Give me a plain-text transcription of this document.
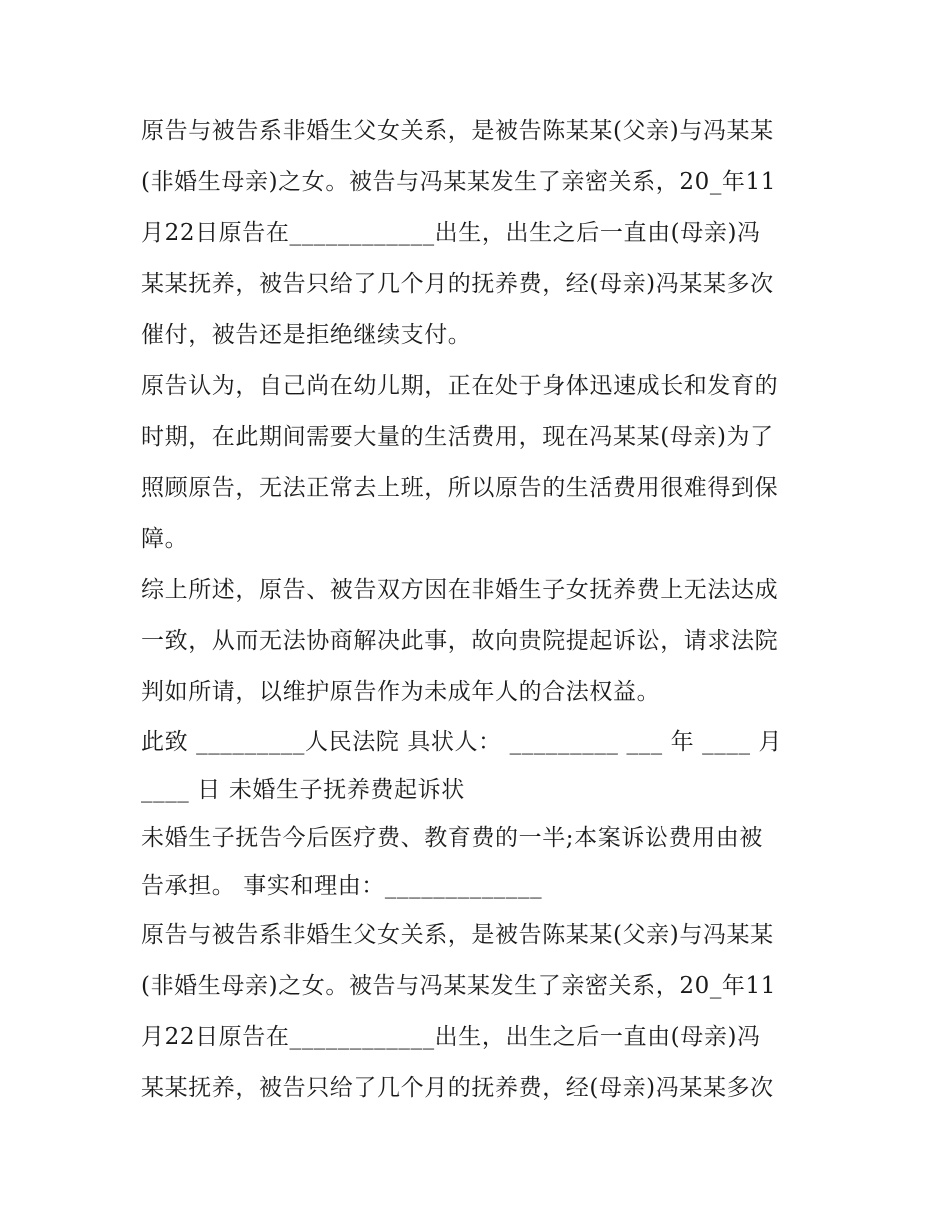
原告与被告系非婚生父女关系，是被告陈某某(父亲)与冯某某
(非婚生母亲)之女。被告与冯某某发生了亲密关系，20_年11
月22日原告在____________出生，出生之后一直由(母亲)冯
某某抚养，被告只给了几个月的抚养费，经(母亲)冯某某多次
催付，被告还是拒绝继续支付。
原告认为，自己尚在幼儿期，正在处于身体迅速成长和发育的
时期，在此期间需要大量的生活费用，现在冯某某(母亲)为了
照顾原告，无法正常去上班，所以原告的生活费用很难得到保
障。
综上所述，原告、被告双方因在非婚生子女抚养费上无法达成
一致，从而无法协商解决此事，故向贵院提起诉讼，请求法院
判如所请，以维护原告作为未成年人的合法权益。
此致 _________人民法院 具状人： _________ ___ 年 ____ 月
____ 日 未婚生子抚养费起诉状
未婚生子抚告今后医疗费、教育费的一半;本案诉讼费用由被
告承担。 事实和理由：_____________
原告与被告系非婚生父女关系，是被告陈某某(父亲)与冯某某
(非婚生母亲)之女。被告与冯某某发生了亲密关系，20_年11
月22日原告在____________出生，出生之后一直由(母亲)冯
某某抚养，被告只给了几个月的抚养费，经(母亲)冯某某多次
